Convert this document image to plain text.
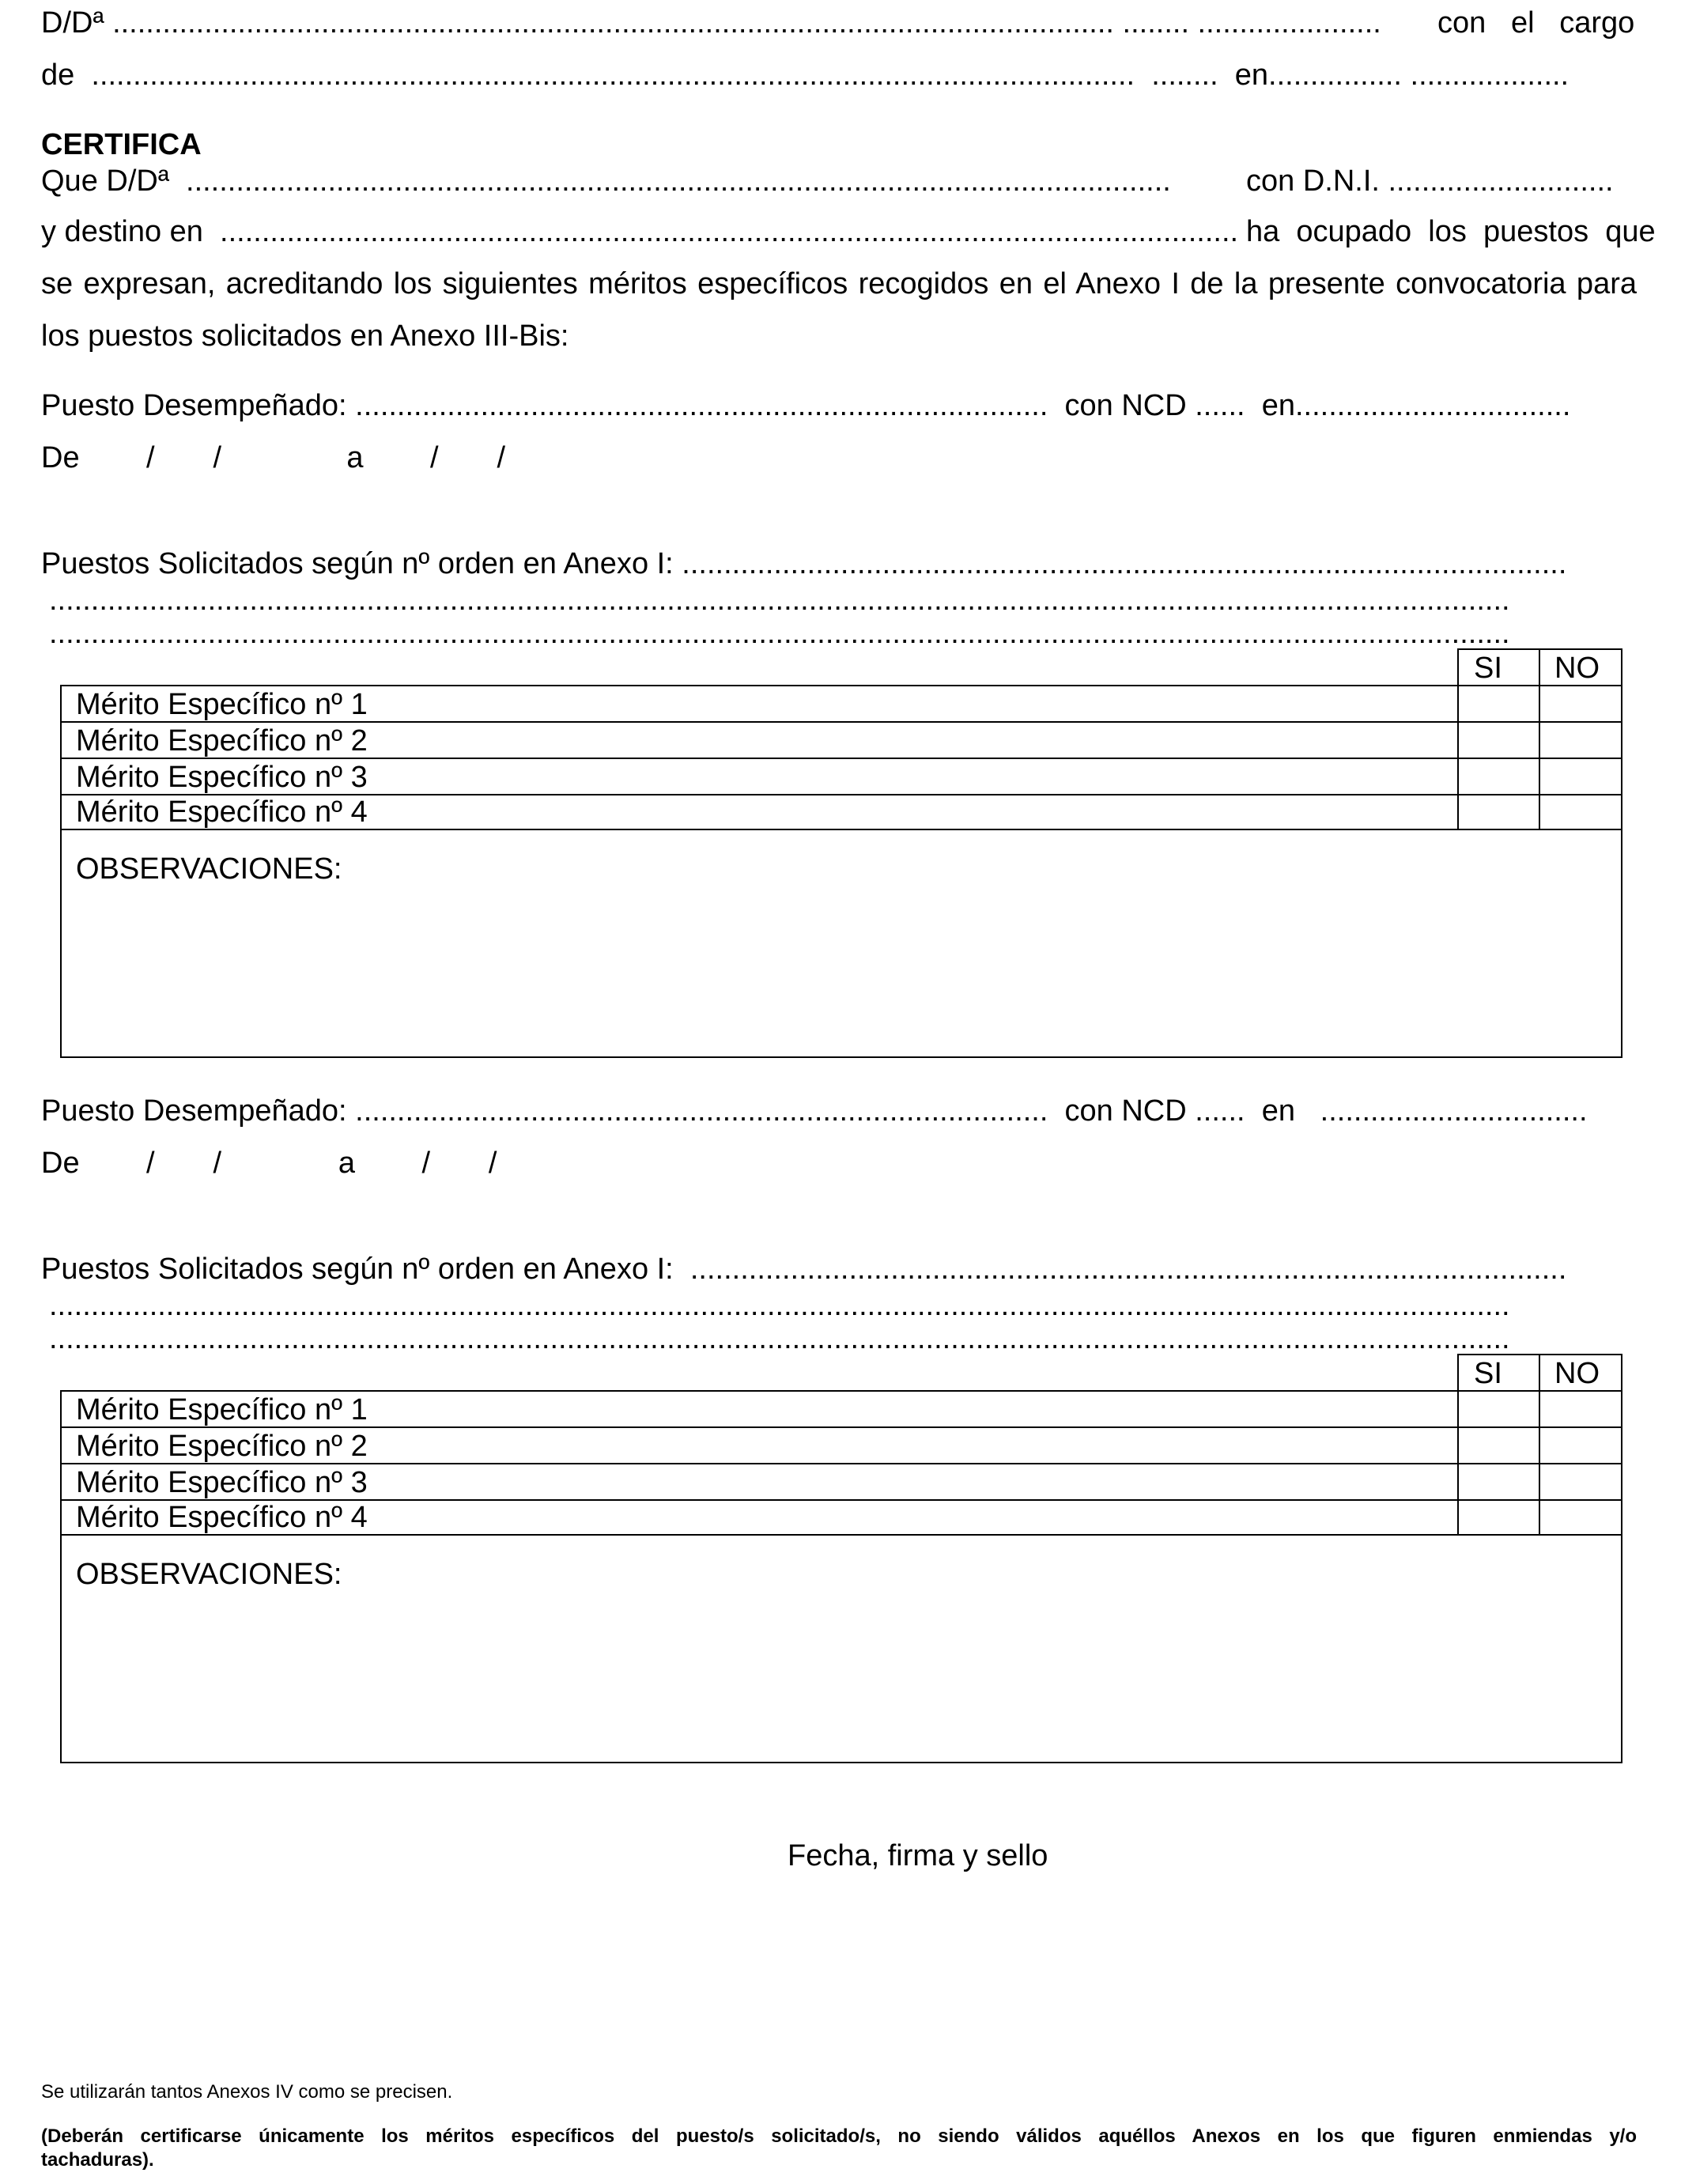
D/Dª ........................................................................................................................ ........ ...................... con   el   cargo
de  .............................................................................................................................  ........  en................ ...................
CERTIFICA
Que D/Dª  ......................................................................................................................	con D.N.I. ...........................
y destino en  .......................................................................................................................... ha  ocupado  los  puestos  que
se expresan, acreditando los siguientes méritos específicos recogidos en el Anexo I de la presente convocatoria para
los puestos solicitados en Anexo III-Bis:
Puesto Desempeñado: ...................................................................................  con NCD ......  en.................................
De        /       /               a        /       /
Puestos Solicitados según nº orden en Anexo I: ..........................................................................................................
...............................................................................................................................................................................
...............................................................................................................................................................................
SI NO
Mérito Específico nº 1
Mérito Específico nº 2
Mérito Específico nº 3
Mérito Específico nº 4
OBSERVACIONES:
Puesto Desempeñado: ...................................................................................  con NCD ......  en   ................................
De        /       /              a        /       /
Puestos Solicitados según nº orden en Anexo I:  .........................................................................................................
...............................................................................................................................................................................
...............................................................................................................................................................................
SI NO
Mérito Específico nº 1
Mérito Específico nº 2
Mérito Específico nº 3
Mérito Específico nº 4
OBSERVACIONES:
Fecha, firma y sello
Se utilizarán tantos Anexos IV como se precisen.
(Deberán certificarse únicamente los méritos específicos del puesto/s solicitado/s, no siendo válidos aquéllos Anexos en los que figuren enmiendas y/o
tachaduras).
